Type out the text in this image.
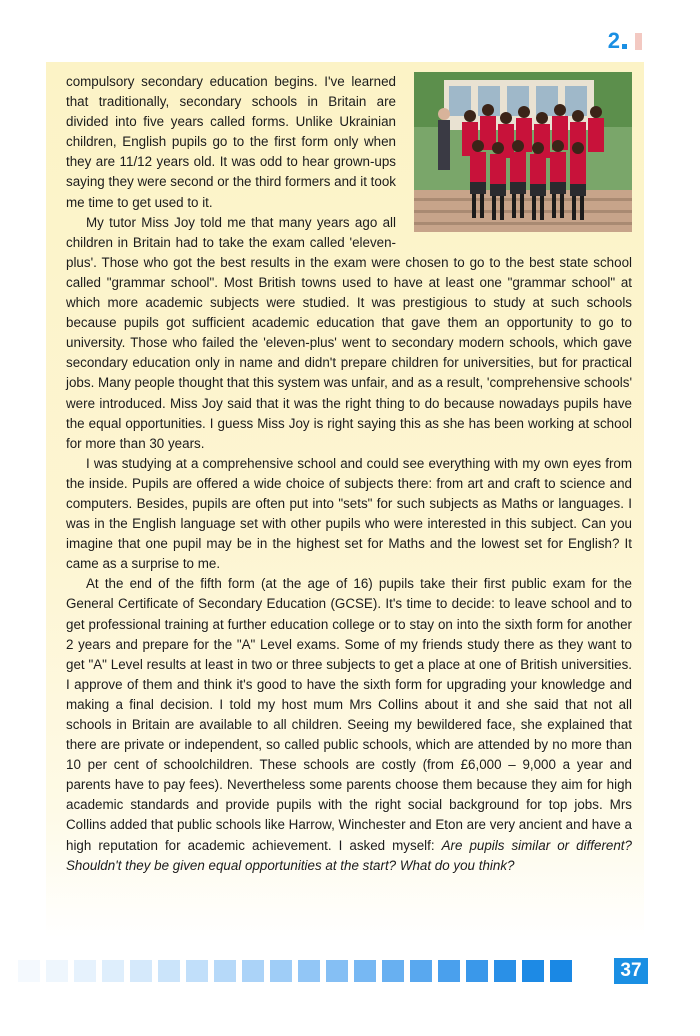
2

compulsory secondary education begins. I've learned that traditionally, secondary schools in Britain are divided into five years called forms. Unlike Ukrainian children, English pupils go to the first form only when they are 11/12 years old. It was odd to hear grown-ups saying they were second or the third formers and it took me time to get used to it.

My tutor Miss Joy told me that many years ago all children in Britain had to take the exam called 'eleven-plus'. Those who got the best results in the exam were chosen to go to the best state school called "grammar school". Most British towns used to have at least one "grammar school" at which more academic subjects were studied. It was prestigious to study at such schools because pupils got sufficient academic education that gave them an opportunity to go to university. Those who failed the 'eleven-plus' went to secondary modern schools, which gave secondary education only in name and didn't prepare children for universities, but for practical jobs. Many people thought that this system was unfair, and as a result, 'comprehensive schools' were introduced. Miss Joy said that it was the right thing to do because nowadays pupils have the equal opportunities. I guess Miss Joy is right saying this as she has been working at school for more than 30 years.

I was studying at a comprehensive school and could see everything with my own eyes from the inside. Pupils are offered a wide choice of subjects there: from art and craft to science and computers. Besides, pupils are often put into "sets" for such subjects as Maths or languages. I was in the English language set with other pupils who were interested in this subject. Can you imagine that one pupil may be in the highest set for Maths and the lowest set for English? It came as a surprise to me.

At the end of the fifth form (at the age of 16) pupils take their first public exam for the General Certificate of Secondary Education (GCSE). It's time to decide: to leave school and to get professional training at further education college or to stay on into the sixth form for another 2 years and prepare for the "A" Level exams. Some of my friends study there as they want to get "A" Level results at least in two or three subjects to get a place at one of British universities. I approve of them and think it's good to have the sixth form for upgrading your knowledge and making a final decision. I told my host mum Mrs Collins about it and she said that not all schools in Britain are available to all children. Seeing my bewildered face, she explained that there are private or independent, so called public schools, which are attended by no more than 10 per cent of schoolchildren. These schools are costly (from £6,000 – 9,000 a year and parents have to pay fees). Nevertheless some parents choose them because they aim for high academic standards and provide pupils with the right social background for top jobs. Mrs Collins added that public schools like Harrow, Winchester and Eton are very ancient and have a high reputation for academic achievement. I asked myself: Are pupils similar or different? Shouldn't they be given equal opportunities at the start? What do you think?

37
